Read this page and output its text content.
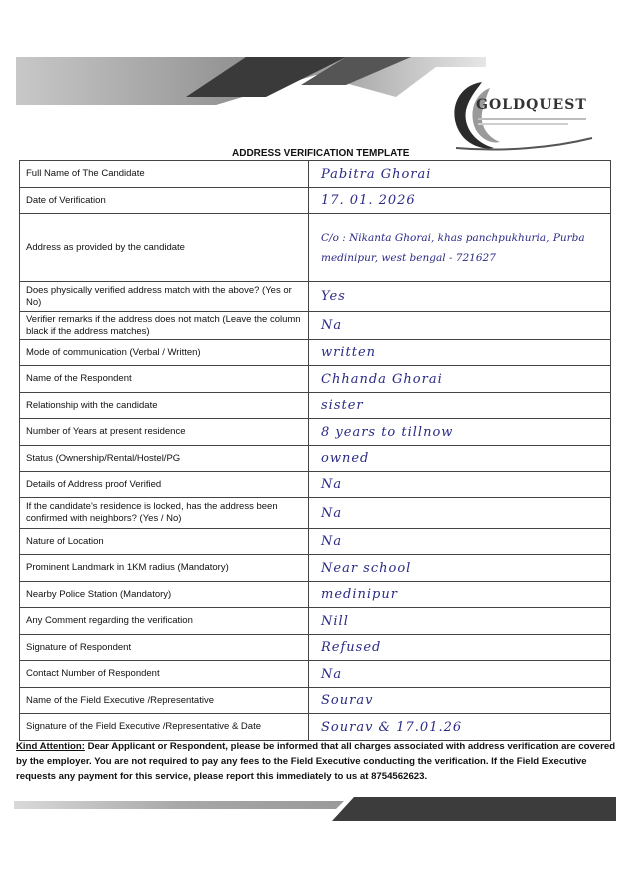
GOLDQUEST
ADDRESS VERIFICATION TEMPLATE
Full Name of The Candidate	Pabitra Ghorai
Date of Verification	17. 01. 2026
Address as provided by the candidate	C/o : Nikanta Ghorai, khas panchpukhuria, Purba medinipur, west bengal - 721627
Does physically verified address match with the above? (Yes or No)	Yes
Verifier remarks if the address does not match (Leave the column black if the address matches)	Na
Mode of communication (Verbal / Written)	written
Name of the Respondent	Chhanda Ghorai
Relationship with the candidate	sister
Number of Years at present residence	8 years to tillnow
Status (Ownership/Rental/Hostel/PG	owned
Details of Address proof Verified	Na
If the candidate's residence is locked, has the address been confirmed with neighbors? (Yes / No)	Na
Nature of Location	Na
Prominent Landmark in 1KM radius (Mandatory)	Near school
Nearby Police Station (Mandatory)	medinipur
Any Comment regarding the verification	Nill
Signature of Respondent	Refused
Contact Number of Respondent	Na
Name of the Field Executive /Representative	Sourav
Signature of the Field Executive /Representative & Date	Sourav & 17.01.26
Kind Attention: Dear Applicant or Respondent, please be informed that all charges associated with address verification are covered by the employer. You are not required to pay any fees to the Field Executive conducting the verification. If the Field Executive requests any payment for this service, please report this immediately to us at 8754562623.
